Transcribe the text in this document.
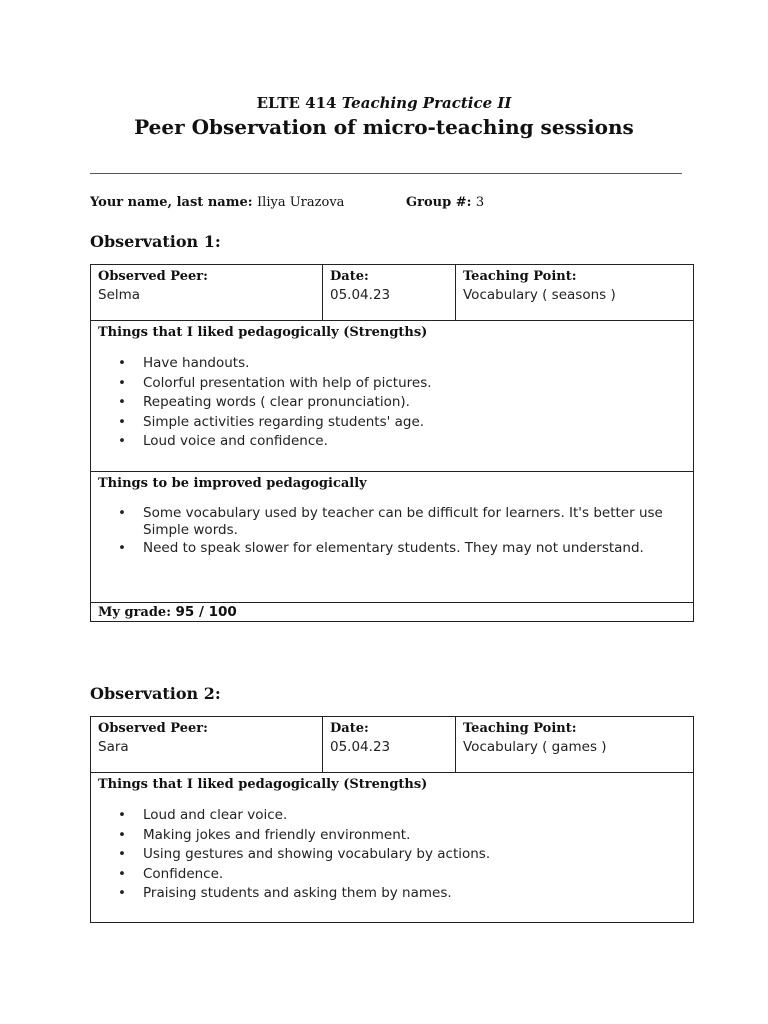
ELTE 414 Teaching Practice II
Peer Observation of micro-teaching sessions
Your name, last name: Iliya Urazova	Group #: 3
Observation 1:
Observed Peer:
Selma
Date:
05.04.23
Teaching Point:
Vocabulary ( seasons )
Things that I liked pedagogically (Strengths)
• Have handouts.
• Colorful presentation with help of pictures.
• Repeating words ( clear pronunciation).
• Simple activities regarding students' age.
• Loud voice and confidence.
Things to be improved pedagogically
• Some vocabulary used by teacher can be difficult for learners. It's better use Simple words.
• Need to speak slower for elementary students. They may not understand.
My grade: 95 / 100
Observation 2:
Observed Peer:
Sara
Date:
05.04.23
Teaching Point:
Vocabulary ( games )
Things that I liked pedagogically (Strengths)
• Loud and clear voice.
• Making jokes and friendly environment.
• Using gestures and showing vocabulary by actions.
• Confidence.
• Praising students and asking them by names.
